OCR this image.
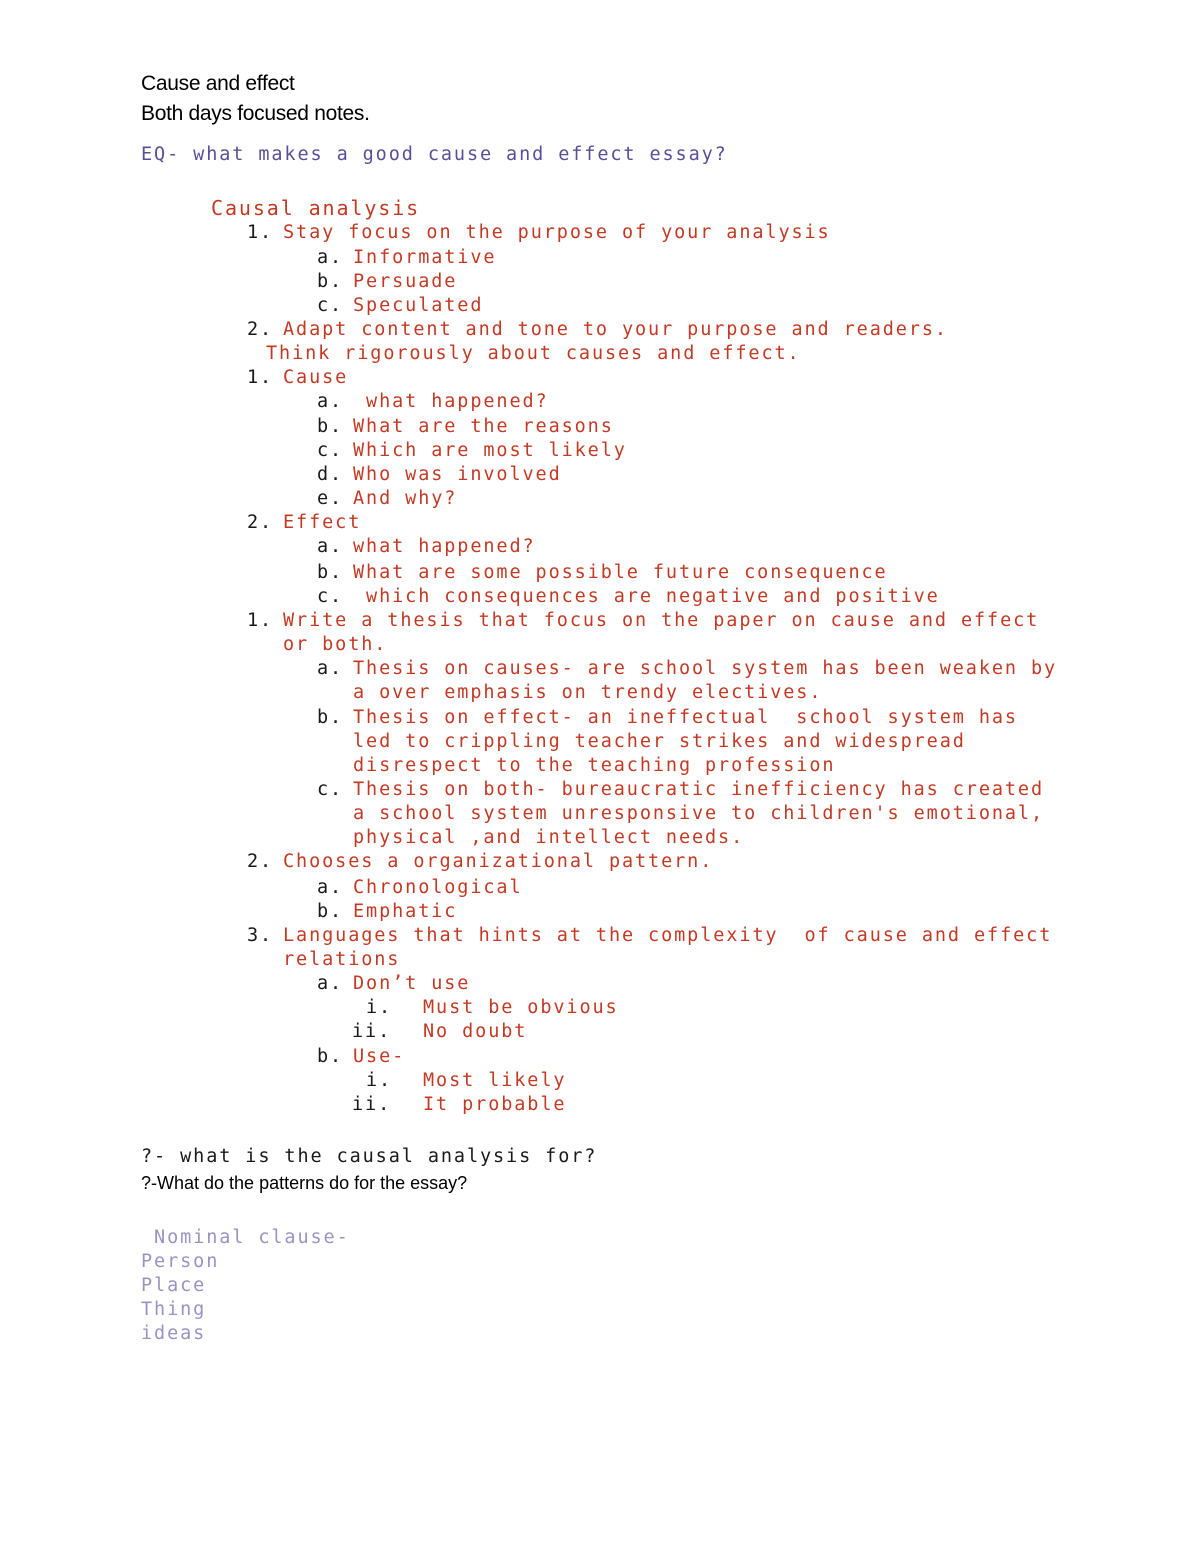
Cause and effect
Both days focused notes.
EQ- what makes a good cause and effect essay?
Causal analysis
1. Stay focus on the purpose of your analysis
a. Informative
b. Persuade
c. Speculated
2. Adapt content and tone to your purpose and readers.
Think rigorously about causes and effect.
1. Cause
a. what happened?
b. What are the reasons
c. Which are most likely
d. Who was involved
e. And why?
2. Effect
a. what happened?
b. What are some possible future consequence
c. which consequences are negative and positive
1. Write a thesis that focus on the paper on cause and effect
or both.
a. Thesis on causes- are school system has been weaken by
a over emphasis on trendy electives.
b. Thesis on effect- an ineffectual  school system has
led to crippling teacher strikes and widespread
disrespect to the teaching profession
c. Thesis on both- bureaucratic inefficiency has created
a school system unresponsive to children's emotional,
physical ,and intellect needs.
2. Chooses a organizational pattern.
a. Chronological
b. Emphatic
3. Languages that hints at the complexity  of cause and effect
relations
a. Don’t use
i. Must be obvious
ii. No doubt
b. Use-
i. Most likely
ii. It probable
?- what is the causal analysis for?
?-What do the patterns do for the essay?
Nominal clause-
Person
Place
Thing
ideas
